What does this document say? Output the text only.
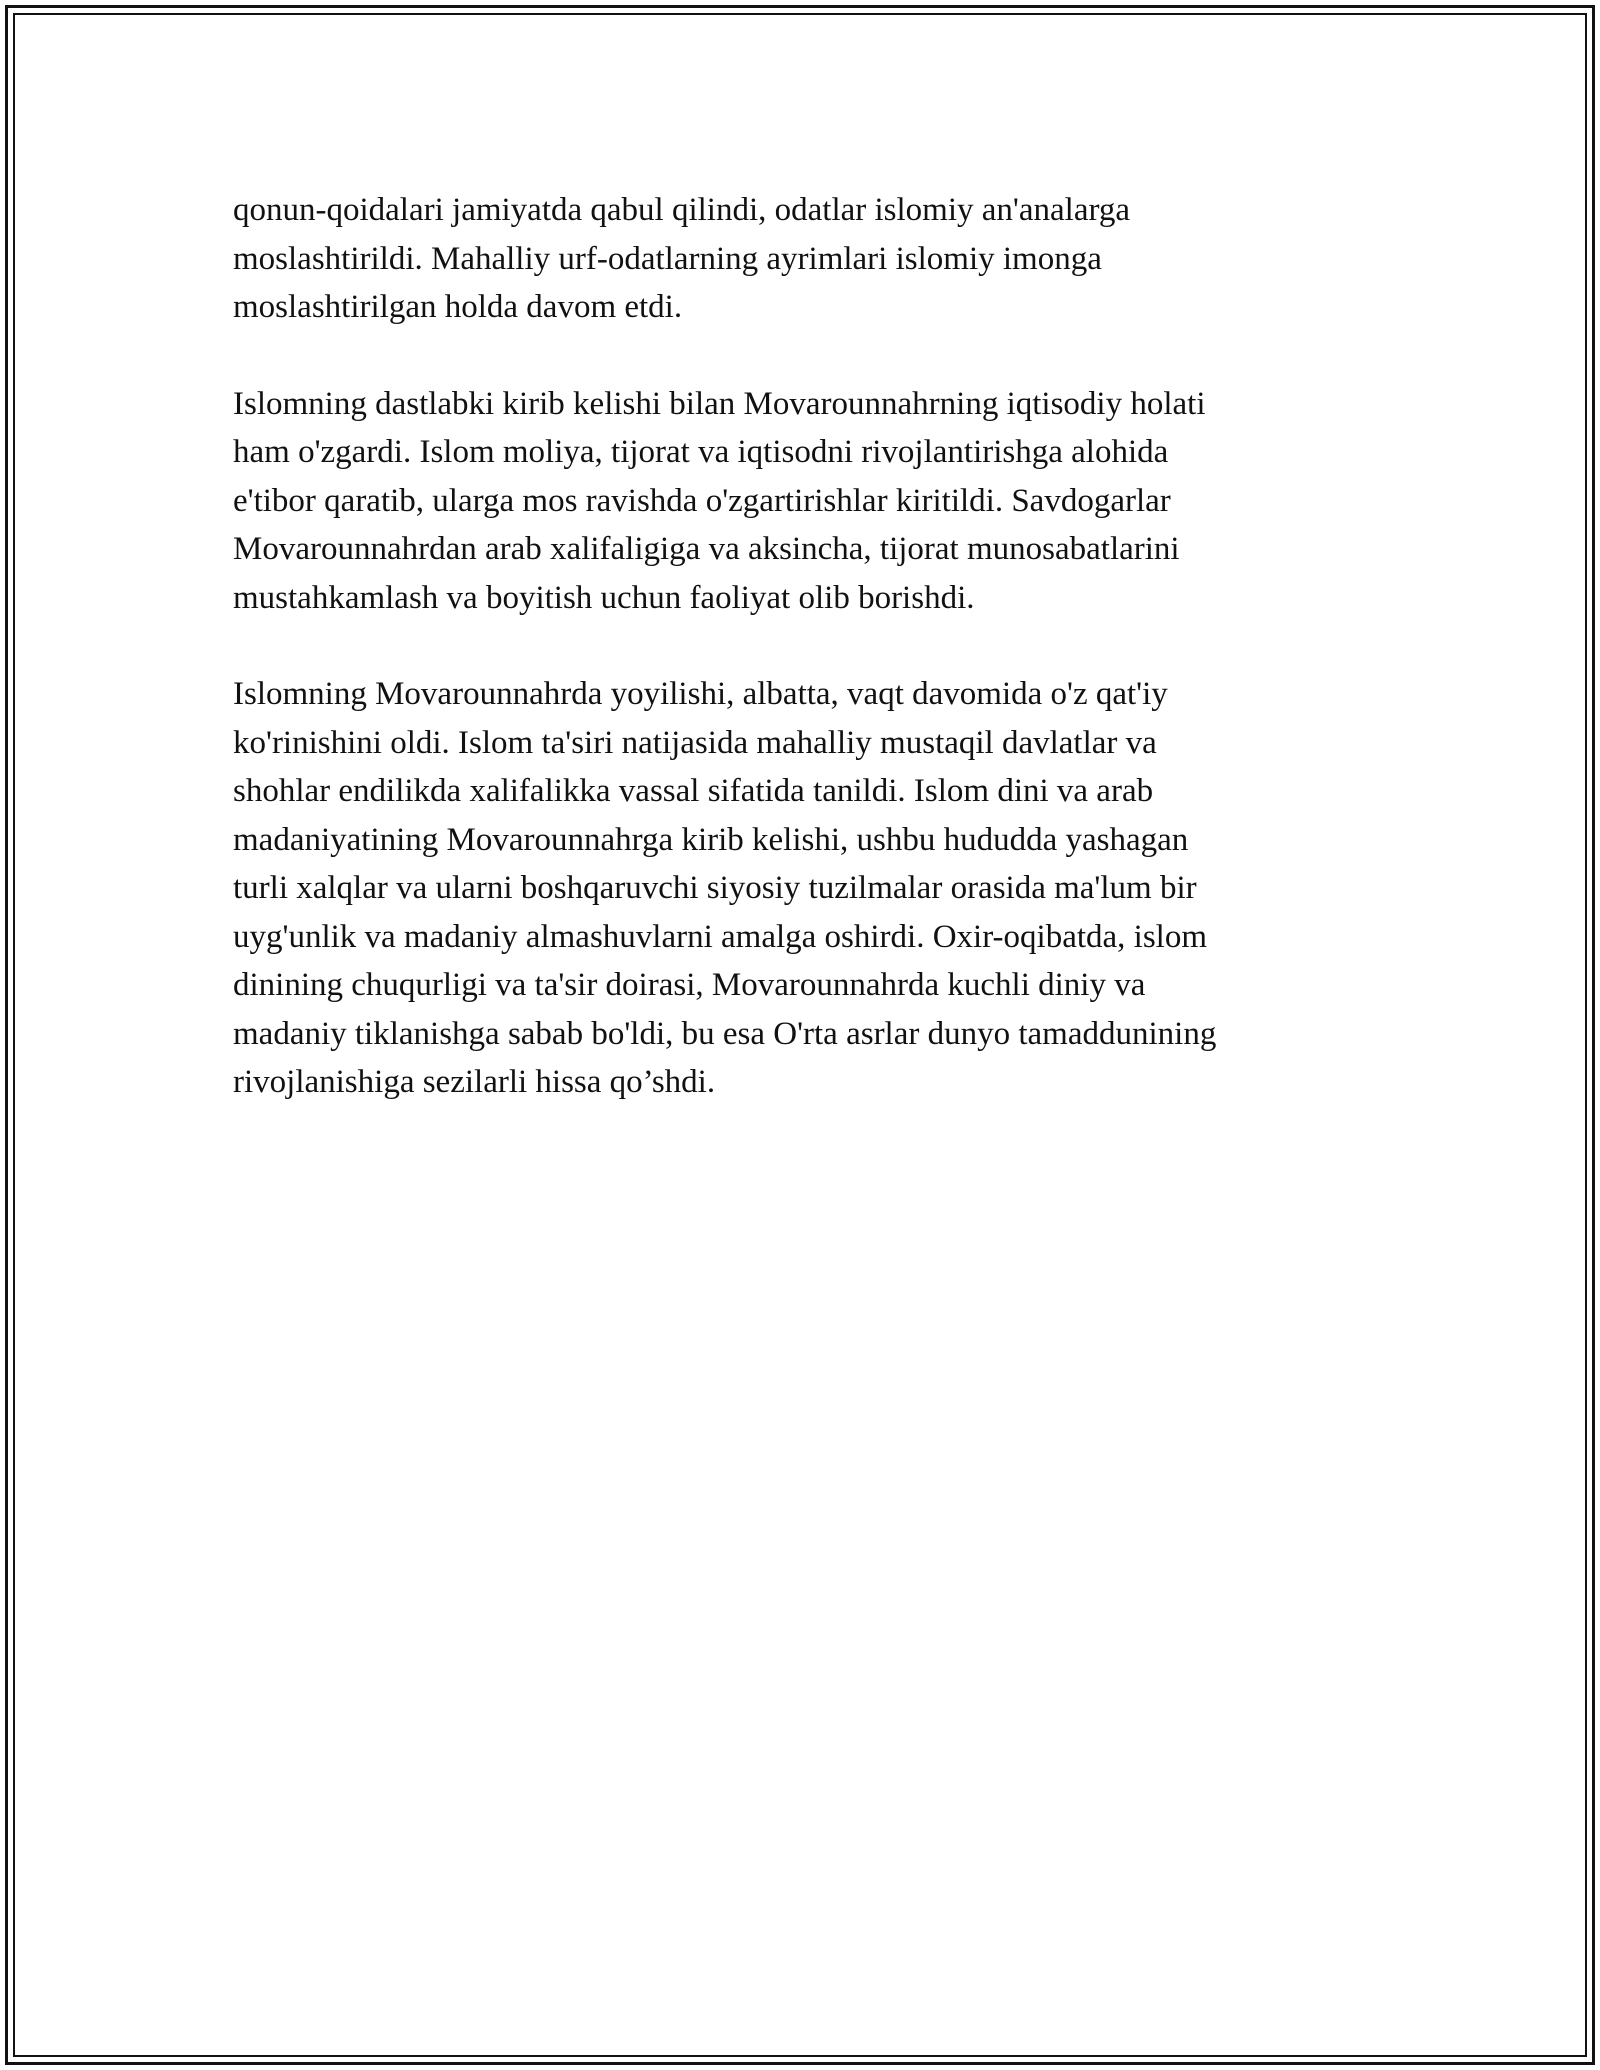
qonun-qoidalari jamiyatda qabul qilindi, odatlar islomiy an'analarga
moslashtirildi. Mahalliy urf-odatlarning ayrimlari islomiy imonga
moslashtirilgan holda davom etdi.

Islomning dastlabki kirib kelishi bilan Movarounnahrning iqtisodiy holati
ham o'zgardi. Islom moliya, tijorat va iqtisodni rivojlantirishga alohida
e'tibor qaratib, ularga mos ravishda o'zgartirishlar kiritildi. Savdogarlar
Movarounnahrdan arab xalifaligiga va aksincha, tijorat munosabatlarini
mustahkamlash va boyitish uchun faoliyat olib borishdi.

Islomning Movarounnahrda yoyilishi, albatta, vaqt davomida o'z qat'iy
ko'rinishini oldi. Islom ta'siri natijasida mahalliy mustaqil davlatlar va
shohlar endilikda xalifalikka vassal sifatida tanildi. Islom dini va arab
madaniyatining Movarounnahrga kirib kelishi, ushbu hududda yashagan
turli xalqlar va ularni boshqaruvchi siyosiy tuzilmalar orasida ma'lum bir
uyg'unlik va madaniy almashuvlarni amalga oshirdi. Oxir-oqibatda, islom
dinining chuqurligi va ta'sir doirasi, Movarounnahrda kuchli diniy va
madaniy tiklanishga sabab bo'ldi, bu esa O'rta asrlar dunyo tamaddunining
rivojlanishiga sezilarli hissa qo’shdi.
